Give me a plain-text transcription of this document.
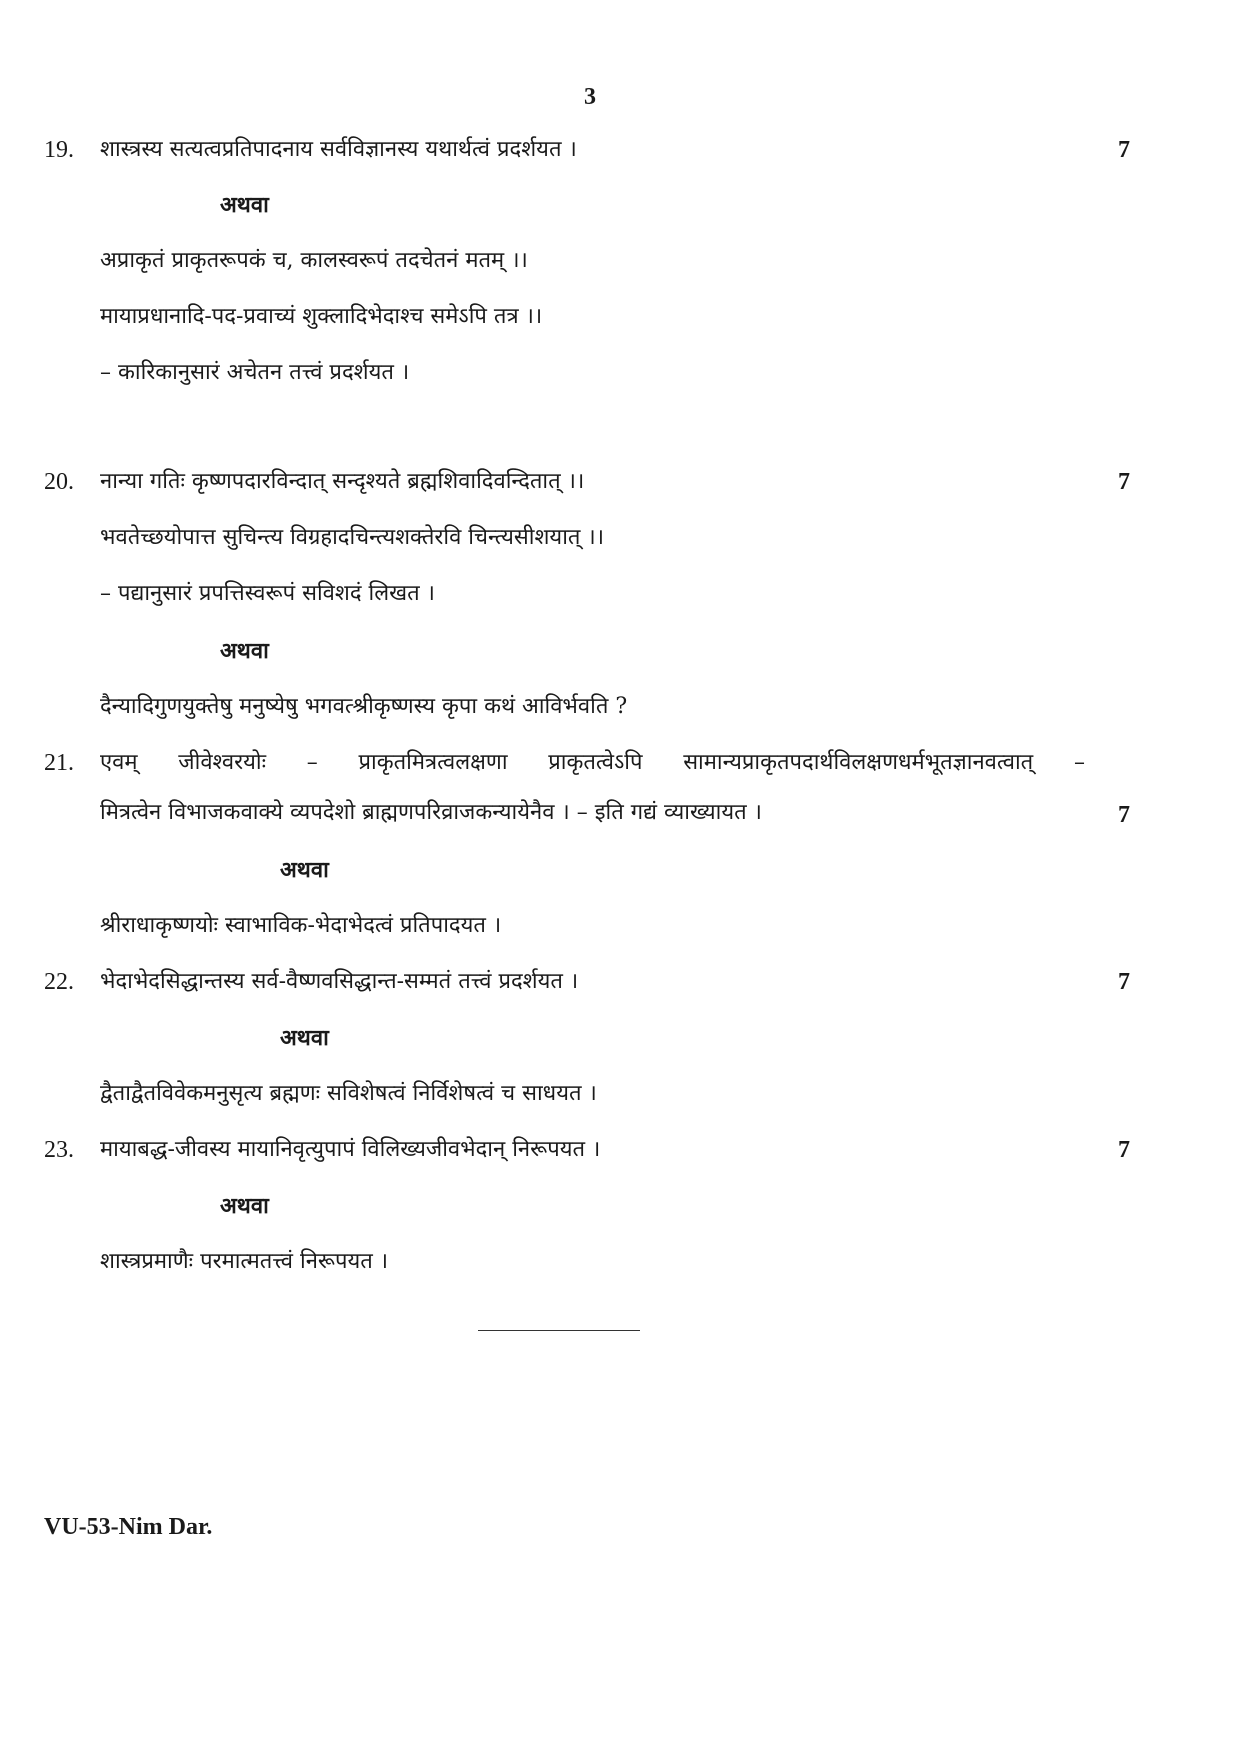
3
19. शास्त्रस्य सत्यत्वप्रतिपादनाय सर्वविज्ञानस्य यथार्थत्वं प्रदर्शयत ।	7
अथवा
अप्राकृतं प्राकृतरूपकं च, कालस्वरूपं तदचेतनं मतम् ।।
मायाप्रधानादि-पद-प्रवाच्यं शुक्लादिभेदाश्च समेऽपि तत्र ।।
– कारिकानुसारं अचेतन तत्त्वं प्रदर्शयत ।
20. नान्या गतिः कृष्णपदारविन्दात् सन्दृश्यते ब्रह्मशिवादिवन्दितात् ।।	7
भवतेच्छयोपात्त सुचिन्त्य विग्रहादचिन्त्यशक्तेरवि चिन्त्यसीशयात् ।।
– पद्यानुसारं प्रपत्तिस्वरूपं सविशदं लिखत ।
अथवा
दैन्यादिगुणयुक्तेषु मनुष्येषु भगवत्श्रीकृष्णस्य कृपा कथं आविर्भवति ?
21. एवम् जीवेश्वरयोः – प्राकृतमित्रत्वलक्षणा प्राकृतत्वेऽपि सामान्यप्राकृतपदार्थविलक्षणधर्मभूतज्ञानवत्वात् –
मित्रत्वेन विभाजकवाक्ये व्यपदेशो ब्राह्मणपरिव्राजकन्यायेनैव । – इति गद्यं व्याख्यायत ।	7
अथवा
श्रीराधाकृष्णयोः स्वाभाविक-भेदाभेदत्वं प्रतिपादयत ।
22. भेदाभेदसिद्धान्तस्य सर्व-वैष्णवसिद्धान्त-सम्मतं तत्त्वं प्रदर्शयत ।	7
अथवा
द्वैताद्वैतविवेकमनुसृत्य ब्रह्मणः सविशेषत्वं निर्विशेषत्वं च साधयत ।
23. मायाबद्ध-जीवस्य मायानिवृत्युपापं विलिख्यजीवभेदान् निरूपयत ।	7
अथवा
शास्त्रप्रमाणैः परमात्मतत्त्वं निरूपयत ।
VU-53-Nim Dar.
